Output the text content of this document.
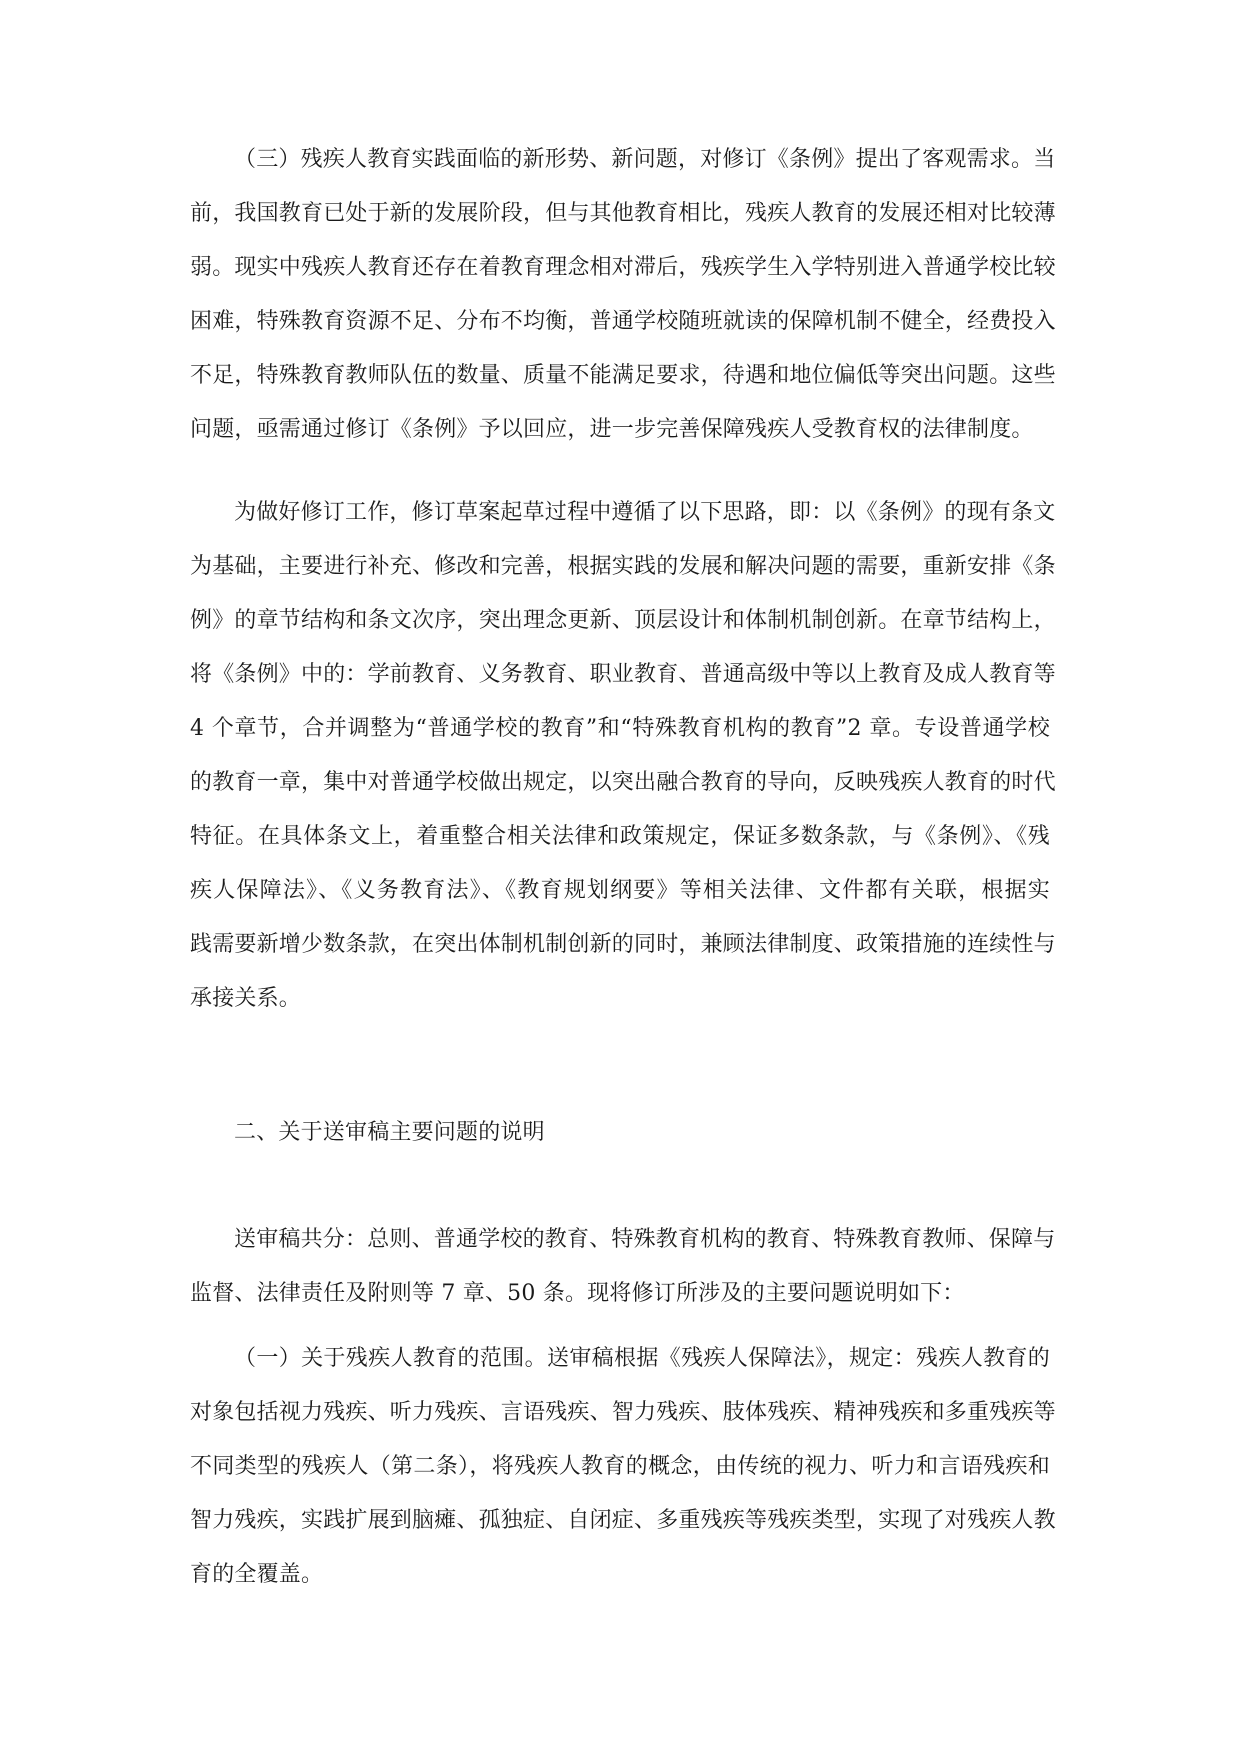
（三）残疾人教育实践面临的新形势、新问题，对修订《条例》提出了客观需求。当
前，我国教育已处于新的发展阶段，但与其他教育相比，残疾人教育的发展还相对比较薄
弱。现实中残疾人教育还存在着教育理念相对滞后，残疾学生入学特别进入普通学校比较
困难，特殊教育资源不足、分布不均衡，普通学校随班就读的保障机制不健全，经费投入
不足，特殊教育教师队伍的数量、质量不能满足要求，待遇和地位偏低等突出问题。这些
问题，亟需通过修订《条例》予以回应，进一步完善保障残疾人受教育权的法律制度。
为做好修订工作，修订草案起草过程中遵循了以下思路，即：以《条例》的现有条文
为基础，主要进行补充、修改和完善，根据实践的发展和解决问题的需要，重新安排《条
例》的章节结构和条文次序，突出理念更新、顶层设计和体制机制创新。在章节结构上，
将《条例》中的：学前教育、义务教育、职业教育、普通高级中等以上教育及成人教育等
4 个章节，合并调整为“普通学校的教育”和“特殊教育机构的教育”2 章。专设普通学校
的教育一章，集中对普通学校做出规定，以突出融合教育的导向，反映残疾人教育的时代
特征。在具体条文上，着重整合相关法律和政策规定，保证多数条款，与《条例》、《残
疾人保障法》、《义务教育法》、《教育规划纲要》等相关法律、文件都有关联，根据实
践需要新增少数条款，在突出体制机制创新的同时，兼顾法律制度、政策措施的连续性与
承接关系。
二、关于送审稿主要问题的说明
送审稿共分：总则、普通学校的教育、特殊教育机构的教育、特殊教育教师、保障与
监督、法律责任及附则等 7 章、50 条。现将修订所涉及的主要问题说明如下：
（一）关于残疾人教育的范围。送审稿根据《残疾人保障法》，规定：残疾人教育的
对象包括视力残疾、听力残疾、言语残疾、智力残疾、肢体残疾、精神残疾和多重残疾等
不同类型的残疾人（第二条），将残疾人教育的概念，由传统的视力、听力和言语残疾和
智力残疾，实践扩展到脑瘫、孤独症、自闭症、多重残疾等残疾类型，实现了对残疾人教
育的全覆盖。
